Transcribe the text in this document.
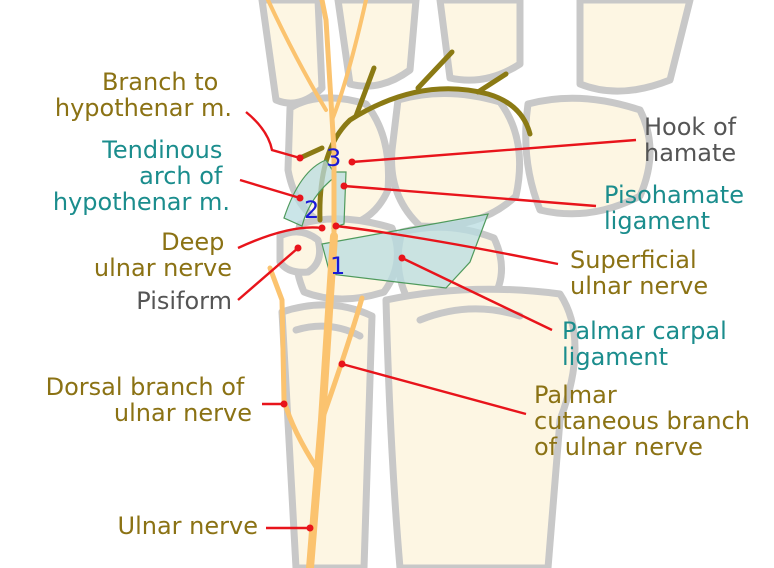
1
2
3
Branch to hypothenar m.
Tendinous arch of hypothenar m.
Deep ulnar nerve
Pisiform
Dorsal branch of ulnar nerve
Ulnar nerve
Hook of hamate
Pisohamate ligament
Superficial ulnar nerve
Palmar carpal ligament
Palmar cutaneous branch of ulnar nerve
